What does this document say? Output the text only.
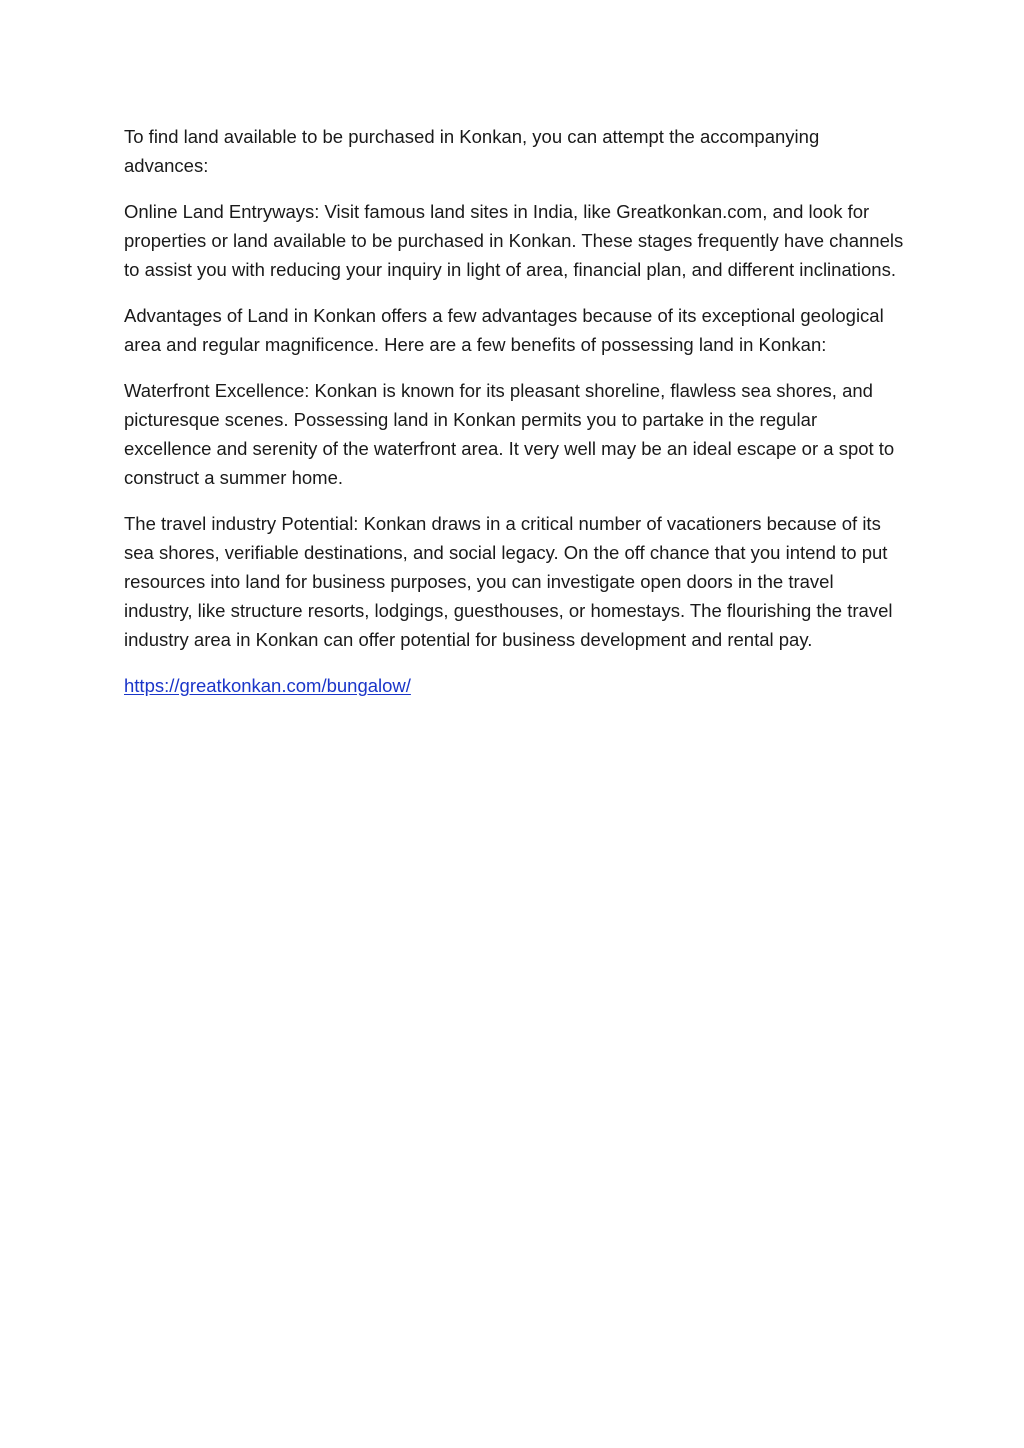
To find land available to be purchased in Konkan, you can attempt the accompanying advances:

Online Land Entryways: Visit famous land sites in India, like Greatkonkan.com, and look for properties or land available to be purchased in Konkan. These stages frequently have channels to assist you with reducing your inquiry in light of area, financial plan, and different inclinations.

Advantages of Land in Konkan offers a few advantages because of its exceptional geological area and regular magnificence. Here are a few benefits of possessing land in Konkan:

Waterfront Excellence: Konkan is known for its pleasant shoreline, flawless sea shores, and picturesque scenes. Possessing land in Konkan permits you to partake in the regular excellence and serenity of the waterfront area. It very well may be an ideal escape or a spot to construct a summer home.

The travel industry Potential: Konkan draws in a critical number of vacationers because of its sea shores, verifiable destinations, and social legacy. On the off chance that you intend to put resources into land for business purposes, you can investigate open doors in the travel industry, like structure resorts, lodgings, guesthouses, or homestays. The flourishing the travel industry area in Konkan can offer potential for business development and rental pay.

https://greatkonkan.com/bungalow/
